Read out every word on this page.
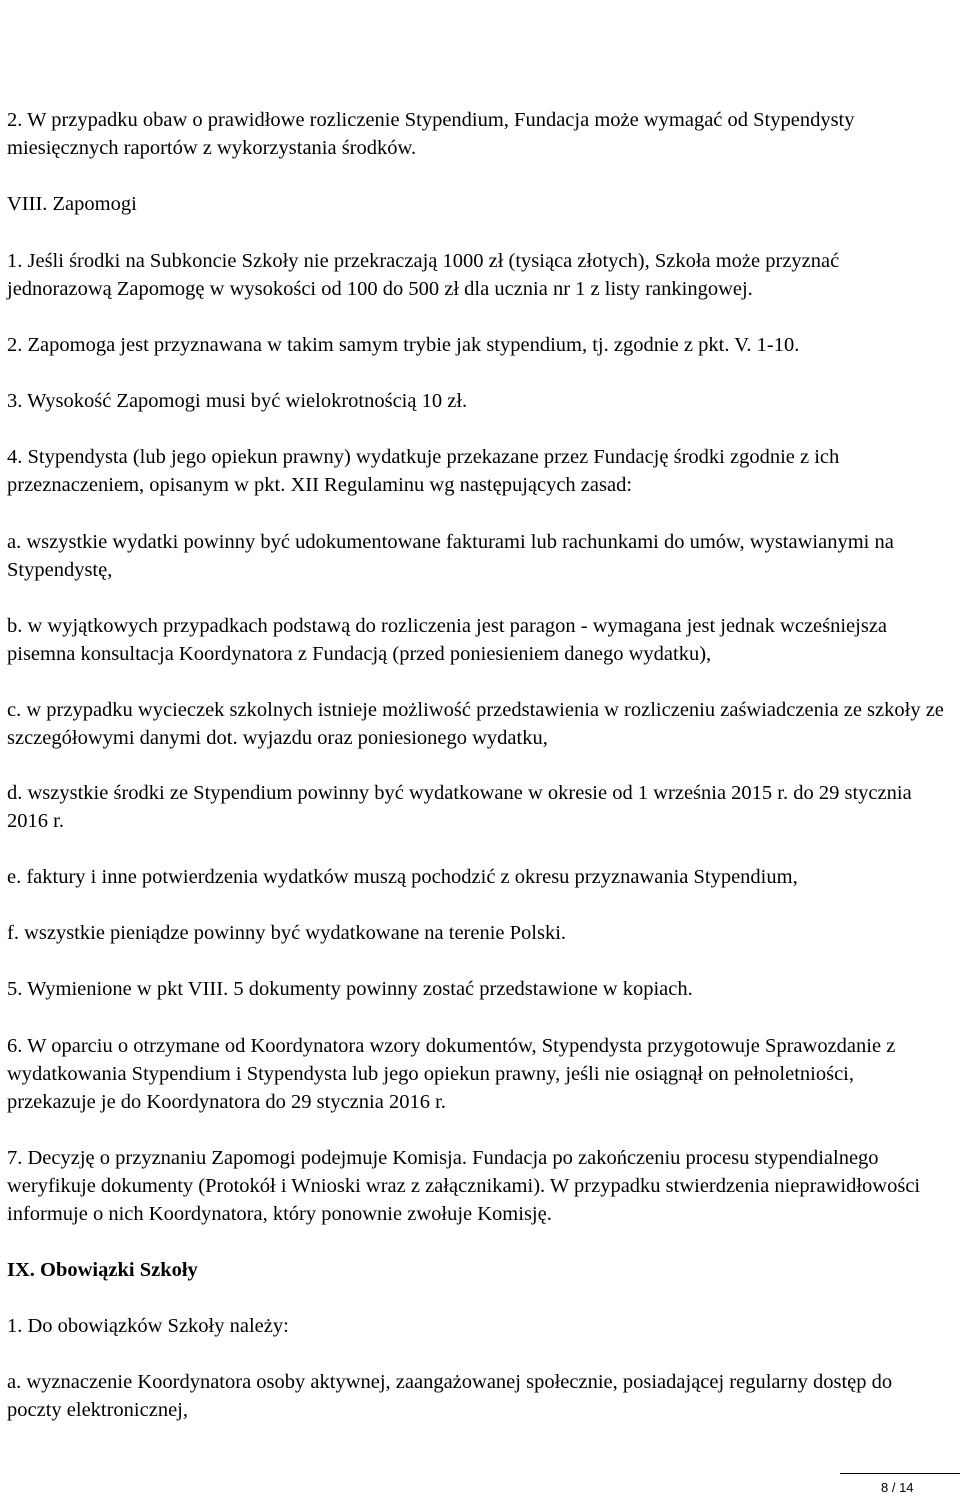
2. W przypadku obaw o prawidłowe rozliczenie Stypendium, Fundacja może wymagać od Stypendysty miesięcznych raportów z wykorzystania środków.

VIII. Zapomogi

1. Jeśli środki na Subkoncie Szkoły nie przekraczają 1000 zł (tysiąca złotych), Szkoła może przyznać jednorazową Zapomogę w wysokości od 100 do 500 zł dla ucznia nr 1 z listy rankingowej.

2. Zapomoga jest przyznawana w takim samym trybie jak stypendium, tj. zgodnie z pkt. V. 1-10.

3. Wysokość Zapomogi musi być wielokrotnością 10 zł.

4. Stypendysta (lub jego opiekun prawny) wydatkuje przekazane przez Fundację środki zgodnie z ich przeznaczeniem, opisanym w pkt. XII Regulaminu wg następujących zasad:

a. wszystkie wydatki powinny być udokumentowane fakturami lub rachunkami do umów, wystawianymi na Stypendystę,

b. w wyjątkowych przypadkach podstawą do rozliczenia jest paragon - wymagana jest jednak wcześniejsza pisemna konsultacja Koordynatora z Fundacją (przed poniesieniem danego wydatku),

c. w przypadku wycieczek szkolnych istnieje możliwość przedstawienia w rozliczeniu zaświadczenia ze szkoły ze szczegółowymi danymi dot. wyjazdu oraz poniesionego wydatku,

d. wszystkie środki ze Stypendium powinny być wydatkowane w okresie od 1 września 2015 r. do 29 stycznia 2016 r.

e. faktury i inne potwierdzenia wydatków muszą pochodzić z okresu przyznawania Stypendium,

f. wszystkie pieniądze powinny być wydatkowane na terenie Polski.

5. Wymienione w pkt VIII. 5 dokumenty powinny zostać przedstawione w kopiach.

6. W oparciu o otrzymane od Koordynatora wzory dokumentów, Stypendysta przygotowuje Sprawozdanie z wydatkowania Stypendium i Stypendysta lub jego opiekun prawny, jeśli nie osiągnął on pełnoletniości, przekazuje je do Koordynatora do 29 stycznia 2016 r.

7. Decyzję o przyznaniu Zapomogi podejmuje Komisja. Fundacja po zakończeniu procesu stypendialnego weryfikuje dokumenty (Protokół i Wnioski wraz z załącznikami). W przypadku stwierdzenia nieprawidłowości informuje o nich Koordynatora, który ponownie zwołuje Komisję.

IX. Obowiązki Szkoły

1. Do obowiązków Szkoły należy:

a. wyznaczenie Koordynatora osoby aktywnej, zaangażowanej społecznie, posiadającej regularny dostęp do poczty elektronicznej,

8 / 14
